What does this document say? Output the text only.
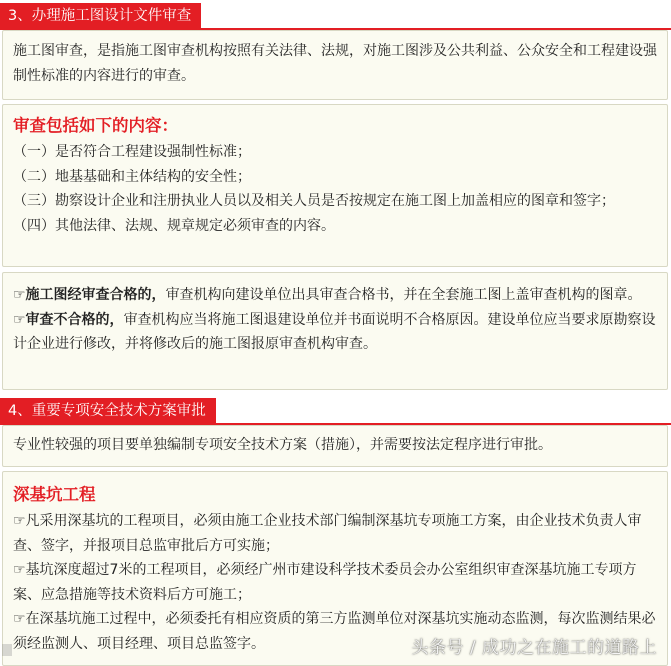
3、办理施工图设计文件审查

施工图审查，是指施工图审查机构按照有关法律、法规，对施工图涉及公共利益、公众安全和工程建设强制性标准的内容进行的审查。

审查包括如下的内容：

（一）是否符合工程建设强制性标准；

（二）地基基础和主体结构的安全性；

（三）勘察设计企业和注册执业人员以及相关人员是否按规定在施工图上加盖相应的图章和签字；

（四）其他法律、法规、规章规定必须审查的内容。

☞施工图经审查合格的，审查机构向建设单位出具审查合格书，并在全套施工图上盖审查机构的图章。

☞审查不合格的，审查机构应当将施工图退建设单位并书面说明不合格原因。建设单位应当要求原勘察设计企业进行修改，并将修改后的施工图报原审查机构审查。

4、重要专项安全技术方案审批

专业性较强的项目要单独编制专项安全技术方案（措施），并需要按法定程序进行审批。

深基坑工程

☞凡采用深基坑的工程项目，必须由施工企业技术部门编制深基坑专项施工方案，由企业技术负责人审查、签字，并报项目总监审批后方可实施；

☞基坑深度超过7米的工程项目，必须经广州市建设科学技术委员会办公室组织审查深基坑施工专项方案、应急措施等技术资料后方可施工；

☞在深基坑施工过程中，必须委托有相应资质的第三方监测单位对深基坑实施动态监测，每次监测结果必须经监测人、项目经理、项目总监签字。	头条号 / 成功之在施工的道路上
